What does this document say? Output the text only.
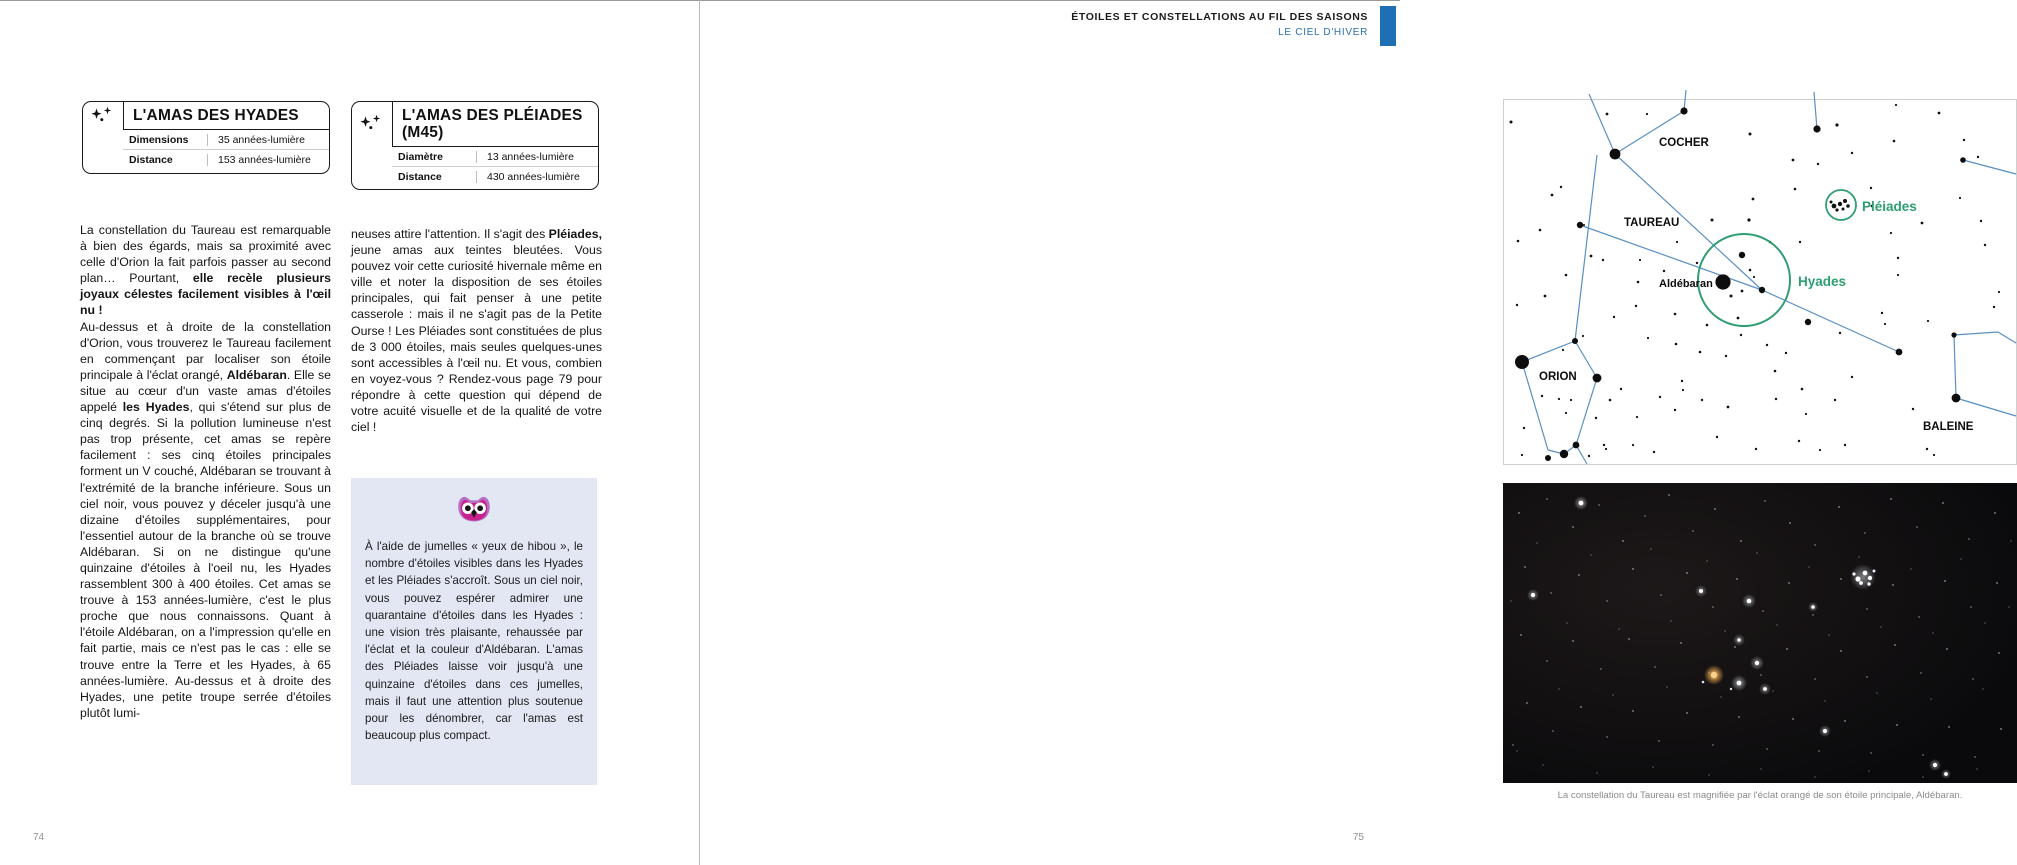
L'AMAS DES HYADES
Dimensions	35 années-lumière
Distance	153 années-lumière
L'AMAS DES PLÉIADES (M45)
Diamètre	13 années-lumière
Distance	430 années-lumière

La constellation du Taureau est remarquable à bien des égards, mais sa proximité avec celle d'Orion la fait parfois passer au second plan… Pourtant, elle recèle plusieurs joyaux célestes facilement visibles à l'œil nu !

Au-dessus et à droite de la constellation d'Orion, vous trouverez le Taureau facilement en commençant par localiser son étoile principale à l'éclat orangé, Aldébaran. Elle se situe au cœur d'un vaste amas d'étoiles appelé les Hyades, qui s'étend sur plus de cinq degrés. Si la pollution lumineuse n'est pas trop présente, cet amas se repère facilement : ses cinq étoiles principales forment un V couché, Aldébaran se trouvant à l'extrémité de la branche inférieure. Sous un ciel noir, vous pouvez y déceler jusqu'à une dizaine d'étoiles supplémentaires, pour l'essentiel autour de la branche où se trouve Aldébaran. Si on ne distingue qu'une quinzaine d'étoiles à l'oeil nu, les Hyades rassemblent 300 à 400 étoiles. Cet amas se trouve à 153 années-lumière, c'est le plus proche que nous connaissons. Quant à l'étoile Aldébaran, on a l'impression qu'elle en fait partie, mais ce n'est pas le cas : elle se trouve entre la Terre et les Hyades, à 65 années-lumière. Au-dessus et à droite des Hyades, une petite troupe serrée d'étoiles plutôt lumi-

neuses attire l'attention. Il s'agit des Pléiades, jeune amas aux teintes bleutées. Vous pouvez voir cette curiosité hivernale même en ville et noter la disposition de ses étoiles principales, qui fait penser à une petite casserole : mais il ne s'agit pas de la Petite Ourse ! Les Pléiades sont constituées de plus de 3 000 étoiles, mais seules quelques-unes sont accessibles à l'œil nu. Et vous, combien en voyez-vous ? Rendez-vous page 79 pour répondre à cette question qui dépend de votre acuité visuelle et de la qualité de votre ciel !

À l'aide de jumelles « yeux de hibou », le nombre d'étoiles visibles dans les Hyades et les Pléiades s'accroît. Sous un ciel noir, vous pouvez espérer admirer une quarantaine d'étoiles dans les Hyades : une vision très plaisante, rehaussée par l'éclat et la couleur d'Aldébaran. L'amas des Pléiades laisse voir jusqu'à une quinzaine d'étoiles dans ces jumelles, mais il faut une attention plus soutenue pour les dénombrer, car l'amas est beaucoup plus compact.
74
ÉTOILES ET CONSTELLATIONS AU FIL DES SAISONS
LE CIEL D'HIVER
COCHER
TAUREAU
ORION
BALEINE
Aldébaran
Pléiades
Hyades
La constellation du Taureau est magnifiée par l'éclat orangé de son étoile principale, Aldébaran.
75
